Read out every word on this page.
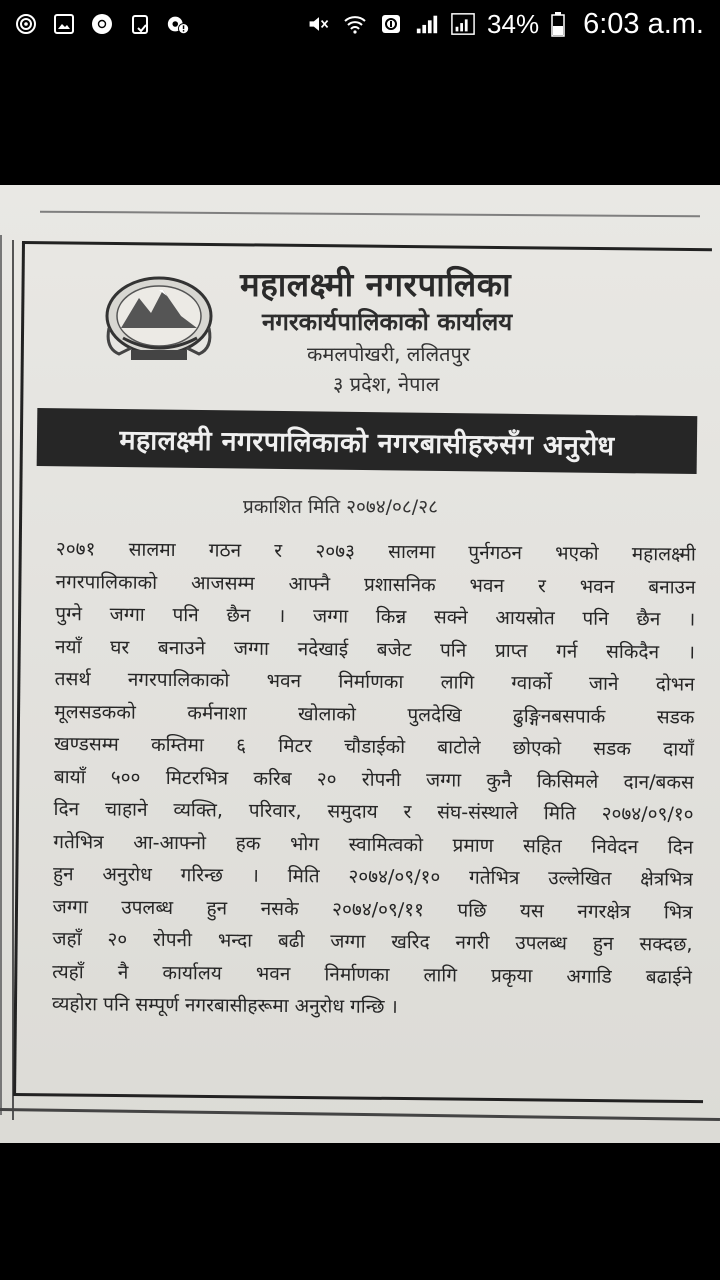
34% 6:03 a.m.
महालक्ष्मी नगरपालिका
नगरकार्यपालिकाको कार्यालय
कमलपोखरी, ललितपुर
३ प्रदेश, नेपाल
महालक्ष्मी नगरपालिकाको नगरबासीहरुसँग अनुरोध
प्रकाशित मिति २०७४/०८/२८
२०७१ सालमा गठन र २०७३ सालमा पुर्नगठन भएको महालक्ष्मी
नगरपालिकाको आजसम्म आफ्नै प्रशासनिक भवन र भवन बनाउन
पुग्ने जग्गा पनि छैन । जग्गा किन्न सक्ने आयस्रोत पनि छैन ।
नयाँ घर बनाउने जग्गा नदेखाई बजेट पनि प्राप्त गर्न सकिदैन ।
तसर्थ नगरपालिकाको भवन निर्माणका लागि ग्वार्को जाने दोभन
मूलसडकको कर्मनाशा खोलाको पुलदेखि ढुङ्गिनबसपार्क सडक
खण्डसम्म कम्तिमा ६ मिटर चौडाईको बाटोले छोएको सडक दायाँ
बायाँ ५०० मिटरभित्र करिब २० रोपनी जग्गा कुनै किसिमले दान/बकस
दिन चाहाने व्यक्ति, परिवार, समुदाय र संघ-संस्थाले मिति २०७४/०९/१०
गतेभित्र आ-आफ्नो हक भोग स्वामित्वको प्रमाण सहित निवेदन दिन
हुन अनुरोध गरिन्छ । मिति २०७४/०९/१० गतेभित्र उल्लेखित क्षेत्रभित्र
जग्गा उपलब्ध हुन नसके २०७४/०९/११ पछि यस नगरक्षेत्र भित्र
जहाँ २० रोपनी भन्दा बढी जग्गा खरिद नगरी उपलब्ध हुन सक्दछ,
त्यहाँ नै कार्यालय भवन निर्माणका लागि प्रकृया अगाडि बढाईने
व्यहोरा पनि सम्पूर्ण नगरबासीहरूमा अनुरोध गन्छि ।
